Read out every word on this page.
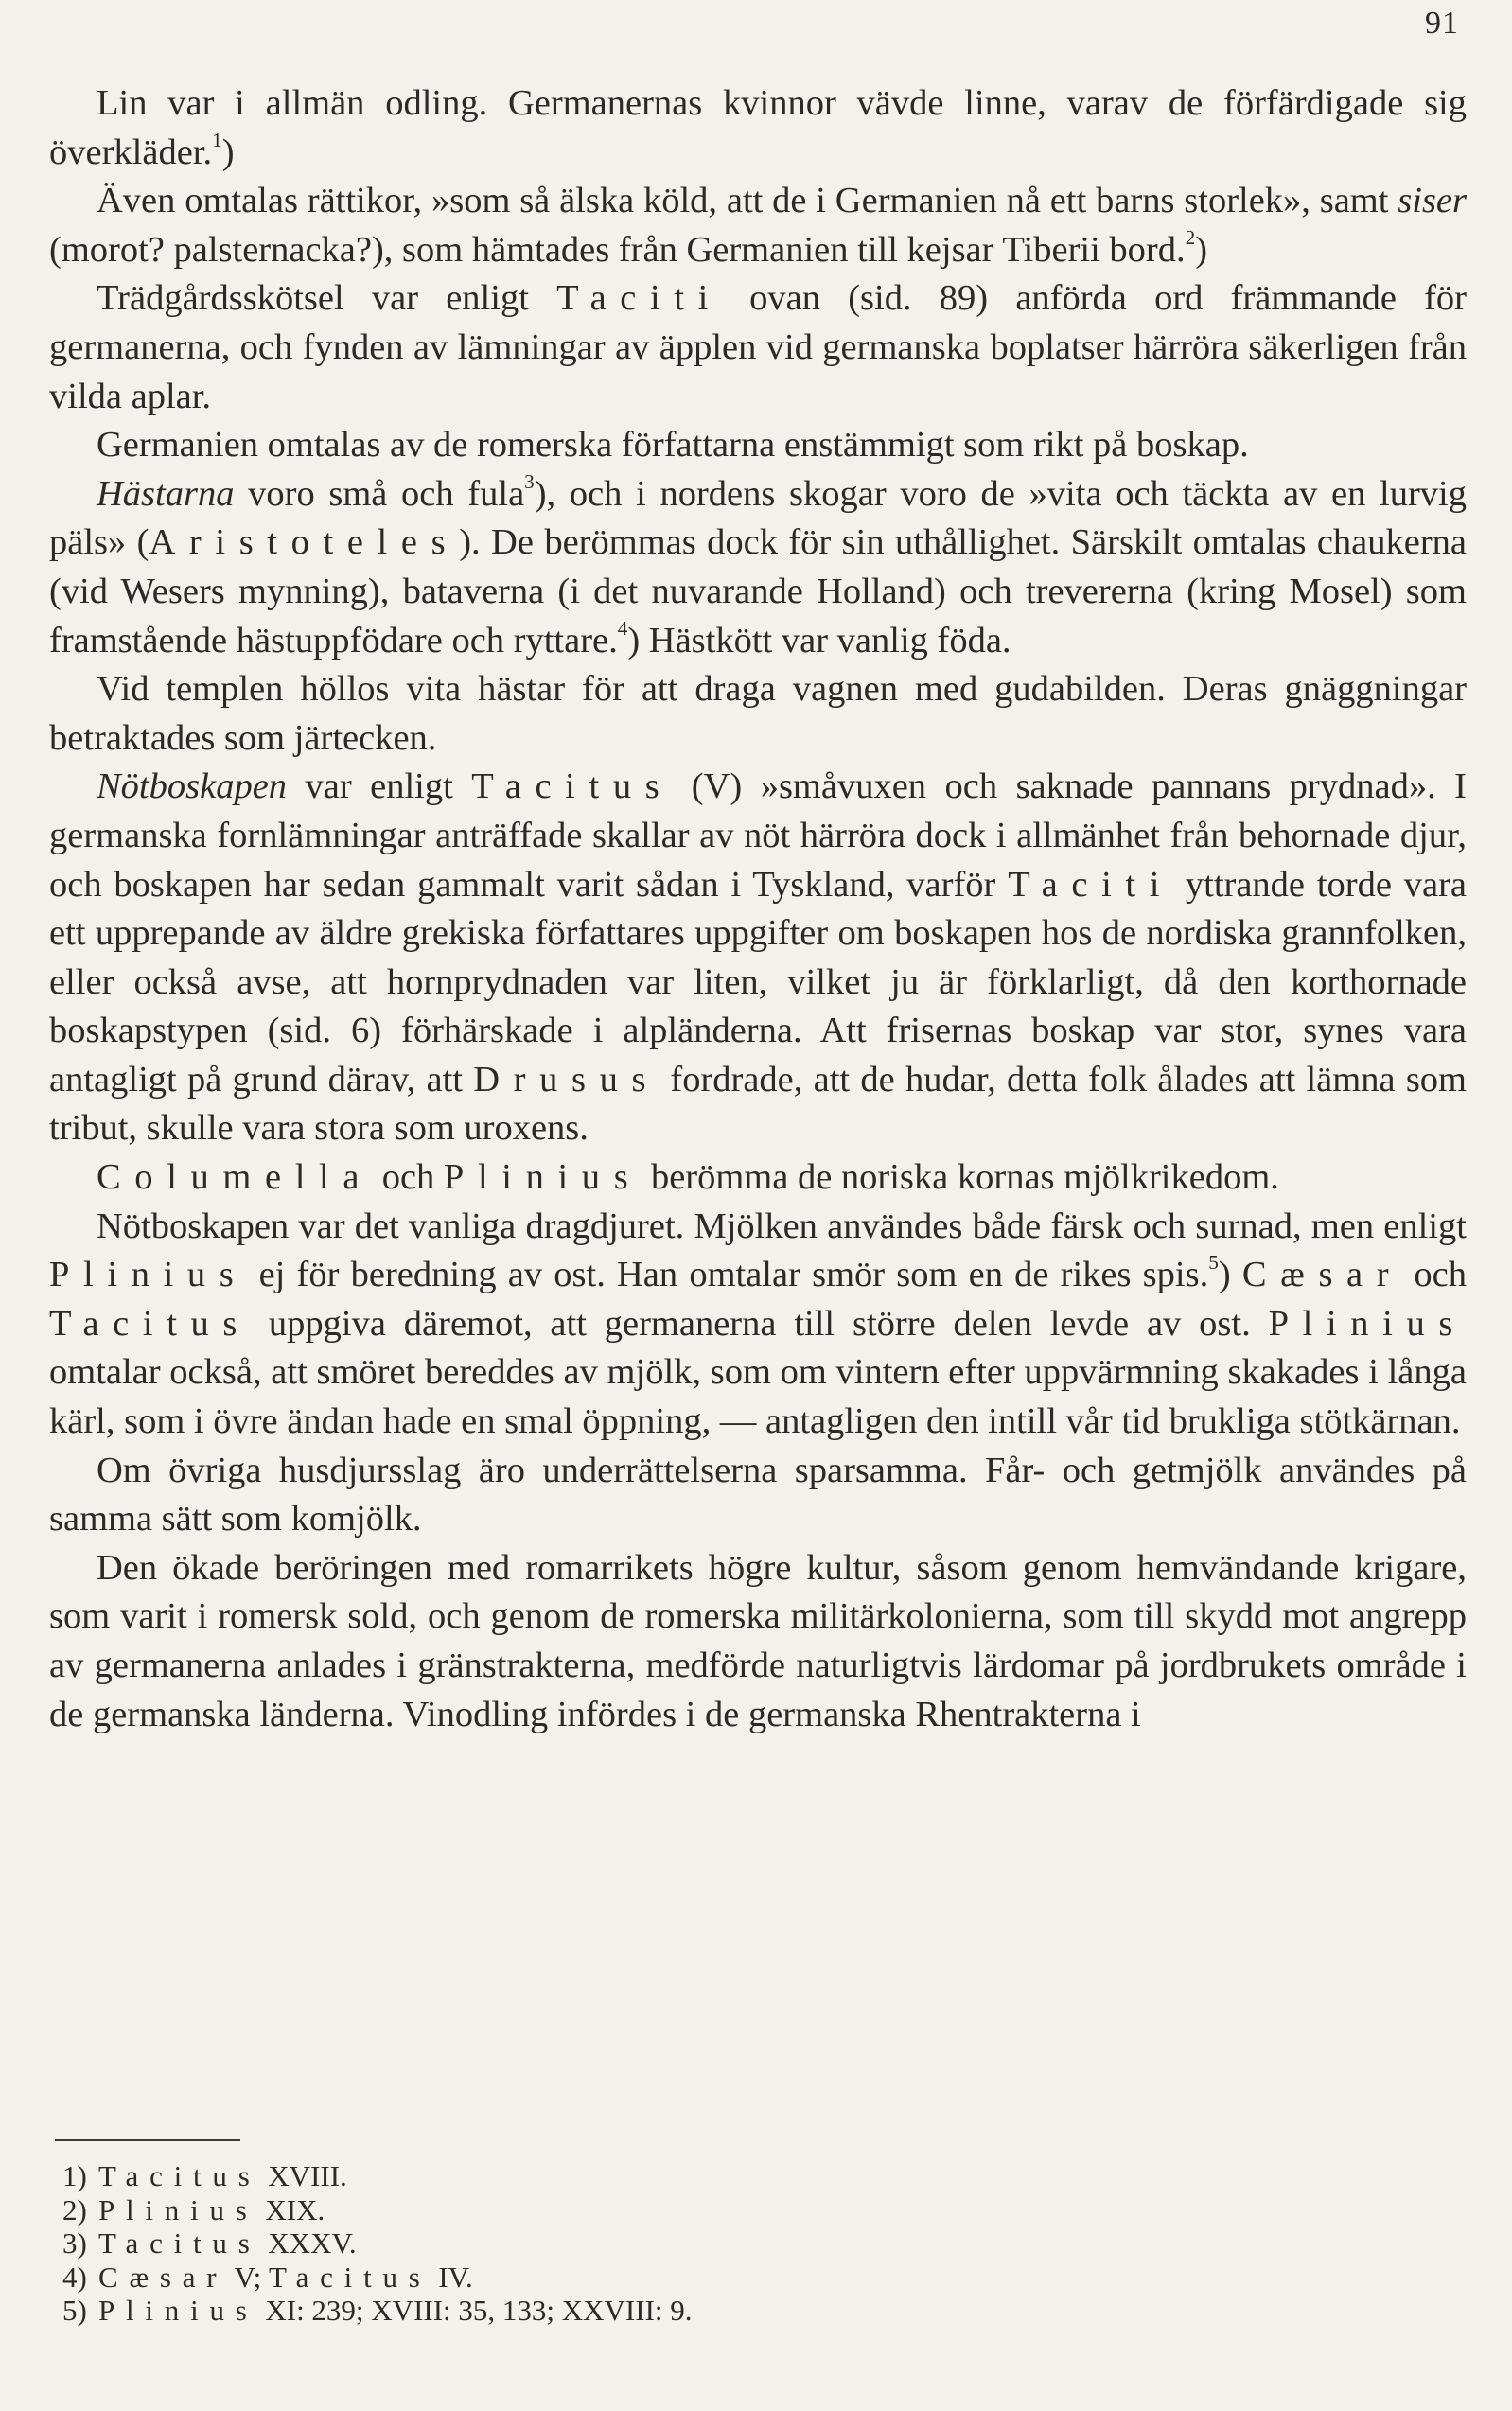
91

Lin var i allmän odling. Germanernas kvinnor vävde linne, varav de förfärdigade sig överkläder.$^1$)

Även omtalas rättikor, »som så älska köld, att de i Germanien nå ett barns storlek», samt siser (morot? palsternacka?), som hämtades från Germanien till kejsar Tiberii bord.$^2$)

Trädgårdsskötsel var enligt Taciti ovan (sid. 89) anförda ord främmande för germanerna, och fynden av lämningar av äpplen vid germanska boplatser härröra säkerligen från vilda aplar.

Germanien omtalas av de romerska författarna enstämmigt som rikt på boskap.

Hästarna voro små och fula$^3$), och i nordens skogar voro de »vita och täckta av en lurvig päls» (Aristoteles). De berömmas dock för sin uthållighet. Särskilt omtalas chaukerna (vid Wesers mynning), bataverna (i det nuvarande Holland) och trevererna (kring Mosel) som framstående hästuppfödare och ryttare.$^4$) Hästkött var vanlig föda.

Vid templen höllos vita hästar för att draga vagnen med gudabilden. Deras gnäggningar betraktades som järtecken.

Nötboskapen var enligt Tacitus (V) »småvuxen och saknade pannans prydnad». I germanska fornlämningar anträffade skallar av nöt härröra dock i allmänhet från behornade djur, och boskapen har sedan gammalt varit sådan i Tyskland, varför Taciti yttrande torde vara ett upprepande av äldre grekiska författares uppgifter om boskapen hos de nordiska grannfolken, eller också avse, att hornprydnaden var liten, vilket ju är förklarligt, då den korthornade boskapstypen (sid. 6) förhärskade i alpländerna. Att frisernas boskap var stor, synes vara antagligt på grund därav, att Drusus fordrade, att de hudar, detta folk ålades att lämna som tribut, skulle vara stora som uroxens.

Columella och Plinius berömma de noriska kornas mjölkrikedom.

Nötboskapen var det vanliga dragdjuret. Mjölken användes både färsk och surnad, men enligt Plinius ej för beredning av ost. Han omtalar smör som en de rikes spis.$^5$) Cæsar och Tacitus uppgiva däremot, att germanerna till större delen levde av ost. Plinius omtalar också, att smöret bereddes av mjölk, som om vintern efter uppvärmning skakades i långa kärl, som i övre ändan hade en smal öppning, — antagligen den intill vår tid brukliga stötkärnan.

Om övriga husdjursslag äro underrättelserna sparsamma. Får- och getmjölk användes på samma sätt som komjölk.

Den ökade beröringen med romarrikets högre kultur, såsom genom hemvändande krigare, som varit i romersk sold, och genom de romerska militärkolonierna, som till skydd mot angrepp av germanerna anlades i gränstrakterna, medförde naturligtvis lärdomar på jordbrukets område i de germanska länderna. Vinodling infördes i de germanska Rhentrakterna i

1) Tacitus XVIII.
2) Plinius XIX.
3) Tacitus XXXV.
4) Cæsar V; Tacitus IV.
5) Plinius XI: 239; XVIII: 35, 133; XXVIII: 9.
